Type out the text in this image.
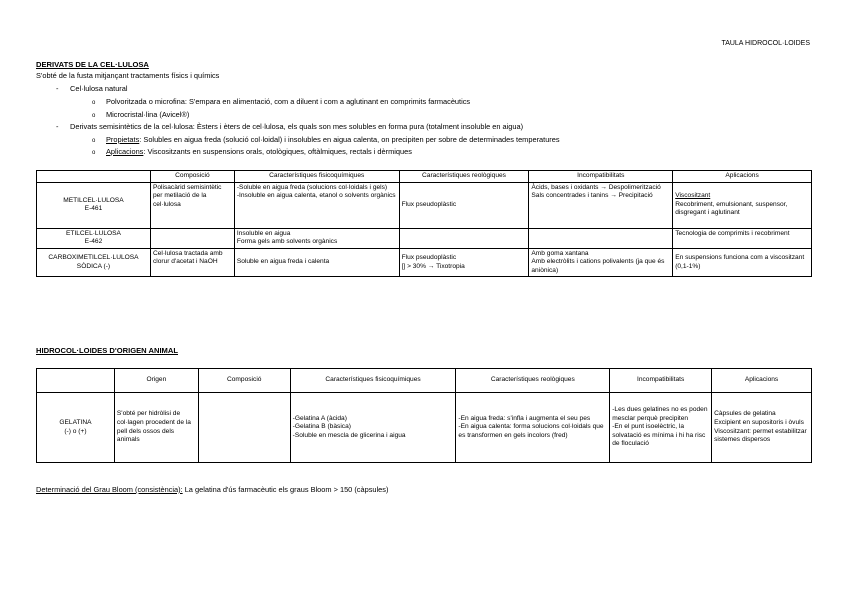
TAULA HIDROCOL·LOIDES
DERIVATS DE LA CEL·LULOSA
S'obté de la fusta mitjançant tractaments físics i químics
- Cel·lulosa natural
o Polvoritzada o microfina: S'empara en alimentació, com a diluent i com a aglutinant en comprimits farmacèutics
o Microcristal·lina (Avicel®)
- Derivats semisintètics de la cel·lulosa: Èsters i èters de cel·lulosa, els quals son mes solubles en forma pura (totalment insoluble en aigua)
o Propietats: Solubles en aigua freda (solució col·loidal) i insolubles en aigua calenta, on precipiten per sobre de determinades temperatures
o Aplicacions: Viscositzants en suspensions orals, otològiques, oftàlmiques, rectals i dèrmiques
	Composició	Característiques fisicoquímiques	Característiques reològiques	Incompatibilitats	Aplicacions
METILCEL·LULOSA
E-461	Polisacàrid semisintètic per metilació de la cel·lulosa	-Soluble en aigua freda (solucions col·loidals i gels)
-Insoluble en aigua calenta, etanol o solvents orgànics	Flux pseudoplàstic	Àcids, bases i oxidants → Despolimerització
Sals concentrades i tanins → Precipitació	Viscositzant
Recobriment, emulsionant, suspensor, disgregant i aglutinant
ETILCEL·LULOSA
E-462		Insoluble en aigua
Forma gels amb solvents orgànics			Tecnologia de comprimits i recobriment
CARBOXIMETILCEL·LULOSA SÒDICA (-)	Cel·lulosa tractada amb clorur d'acetat i NaOH	Soluble en aigua freda i calenta	Flux pseudoplàstic
[] > 30% → Tixotropia	Amb goma xantana
Amb electròlits i cations polivalents (ja que és aniònica)	En suspensions funciona com a viscositzant (0,1-1%)
HIDROCOL·LOIDES D'ORIGEN ANIMAL
	Origen	Composició	Característiques fisicoquímiques	Característiques reològiques	Incompatibilitats	Aplicacions
GELATINA
(-) o (+)	S'obté per hidròlisi de col·lagen procedent de la pell dels ossos dels animals		-Gelatina A (àcida)
-Gelatina B (bàsica)
-Soluble en mescla de glicerina i aigua	-En aigua freda: s'infla i augmenta el seu pes
-En aigua calenta: forma solucions col·loidals que es transformen en gels incolors (fred)	-Les dues gelatines no es poden mesclar perquè precipiten
-En el punt isoelèctric, la solvatació es mínima i hi ha risc de floculació	Càpsules de gelatina
Excipient en supositoris i òvuls
Viscositzant: permet estabilitzar sistemes dispersos
Determinació del Grau Bloom (consistència): La gelatina d'ús farmacèutic els graus Bloom > 150 (càpsules)
